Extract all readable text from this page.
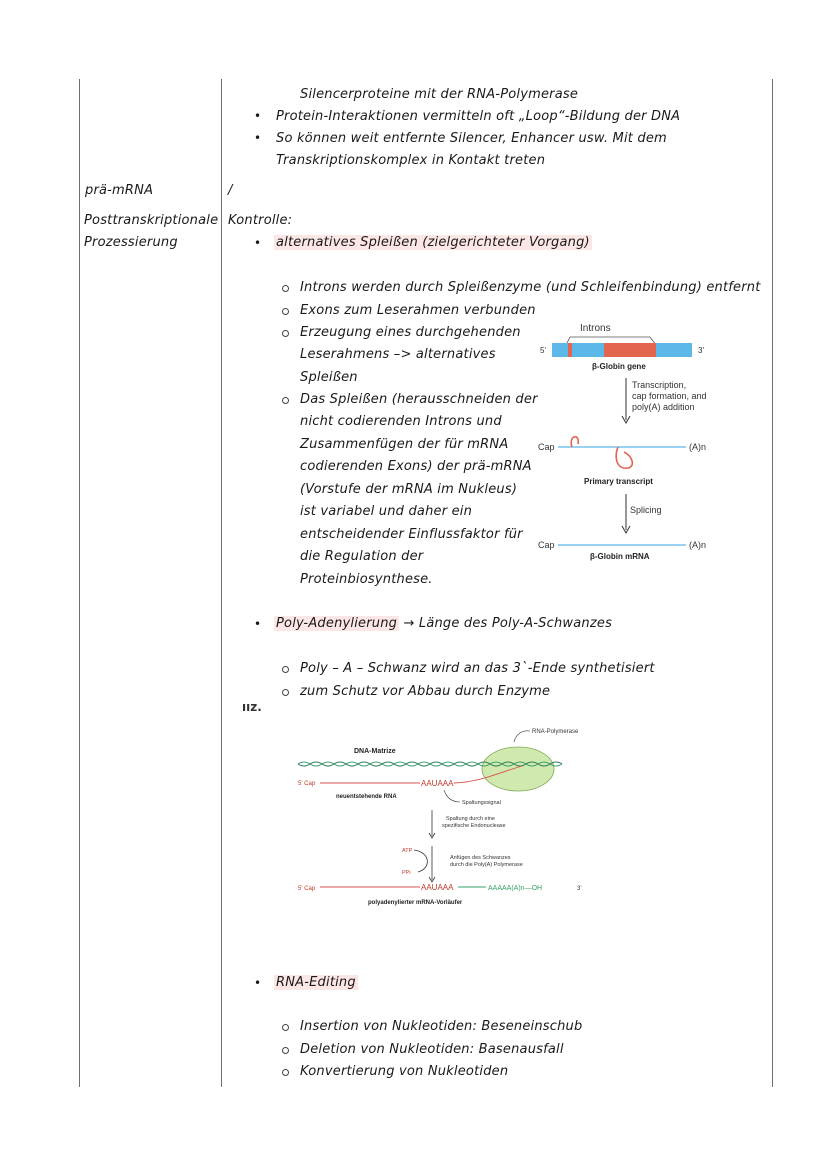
Silencerproteine mit der RNA-Polymerase
• Protein-Interaktionen vermitteln oft „Loop“-Bildung der DNA
• So können weit entfernte Silencer, Enhancer usw. Mit dem
Transkriptionskomplex in Kontakt treten
prä-mRNA	/
Posttranskriptionale
Prozessierung
Kontrolle:
• alternatives Spleißen (zielgerichteter Vorgang)
Introns werden durch Spleißenzyme (und Schleifenbindung) entfernt
Exons zum Leserahmen verbunden
Erzeugung eines durchgehenden
Leserahmens –> alternatives
Spleißen
Das Spleißen (herausschneiden der
nicht codierenden Introns und
Zusammenfügen der für mRNA
codierenden Exons) der prä-mRNA
(Vorstufe der mRNA im Nukleus)
ist variabel und daher ein
entscheidender Einflussfaktor für
die Regulation der
Proteinbiosynthese.
Introns
5'	3'
β-Globin gene
Transcription,
cap formation, and
poly(A) addition
Cap	(A)n
Primary transcript
Splicing
Cap	(A)n
β-Globin mRNA
• Poly-Adenylierung → Länge des Poly-A-Schwanzes
Poly – A – Schwanz wird an das 3`-Ende synthetisiert
zum Schutz vor Abbau durch Enzyme
ıız.
RNA-Polymerase
DNA-Matrize
5' Cap	AAUAAA
neuentstehende RNA
Spaltungssignal
Spaltung durch eine
spezifische Endonuclease
ATP
PPi
Anfügen des Schwanzes
durch die Poly(A) Polymerase
5' Cap	AAUAAA	AAAAA(A)n—OH	3'
polyadenylierter mRNA-Vorläufer
• RNA-Editing
Insertion von Nukleotiden: Beseneinschub
Deletion von Nukleotiden: Basenausfall
Konvertierung von Nukleotiden
